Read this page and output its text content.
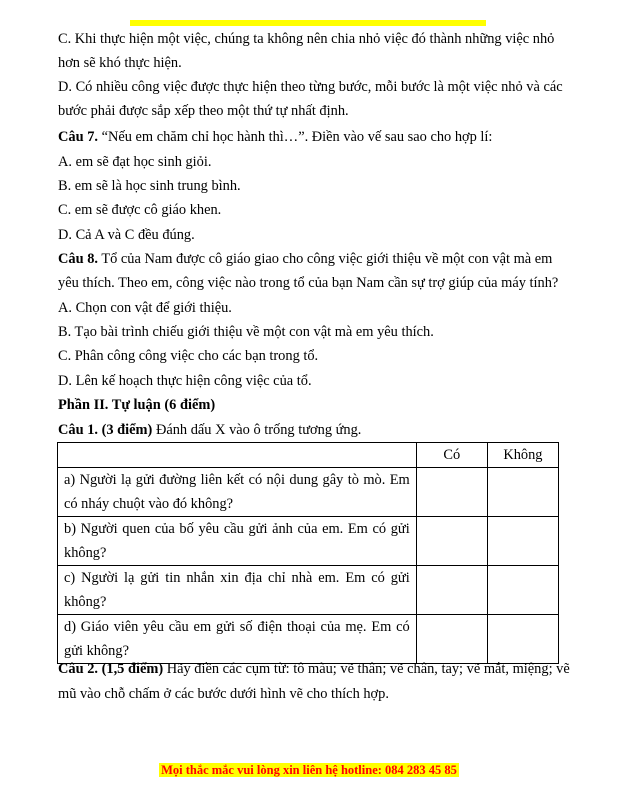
C. Khi thực hiện một việc, chúng ta không nên chia nhỏ việc đó thành những việc nhỏ

hơn sẽ khó thực hiện.

D. Có nhiều công việc được thực hiện theo từng bước, mỗi bước là một việc nhỏ và các

bước phải được sắp xếp theo một thứ tự nhất định.

Câu 7. “Nếu em chăm chỉ học hành thì…”. Điền vào vế sau sao cho hợp lí:

A. em sẽ đạt học sinh giỏi.

B. em sẽ là học sinh trung bình.

C. em sẽ được cô giáo khen.

D. Cả A và C đều đúng.

Câu 8. Tổ của Nam được cô giáo giao cho công việc giới thiệu về một con vật mà em

yêu thích. Theo em, công việc nào trong tổ của bạn Nam cần sự trợ giúp của máy tính?

A. Chọn con vật để giới thiệu.

B. Tạo bài trình chiếu giới thiệu về một con vật mà em yêu thích.

C. Phân công công việc cho các bạn trong tổ.

D. Lên kế hoạch thực hiện công việc của tổ.

Phần II. Tự luận (6 điểm)

Câu 1. (3 điểm) Đánh dấu X vào ô trống tương ứng.

	Có	Không
a) Người lạ gửi đường liên kết có nội dung gây tò mò. Em có nháy chuột vào đó không?		
b) Người quen của bố yêu cầu gửi ảnh của em. Em có gửi không?		
c) Người lạ gửi tin nhắn xin địa chỉ nhà em. Em có gửi không?		
d) Giáo viên yêu cầu em gửi số điện thoại của mẹ. Em có gửi không?		

Câu 2. (1,5 điểm) Hãy điền các cụm từ: tô màu; vẽ thân; vẽ chân, tay; vẽ mắt, miệng; vẽ

mũ vào chỗ chấm ở các bước dưới hình vẽ cho thích hợp.

Mọi thắc mắc vui lòng xin liên hệ hotline: 084 283 45 85
